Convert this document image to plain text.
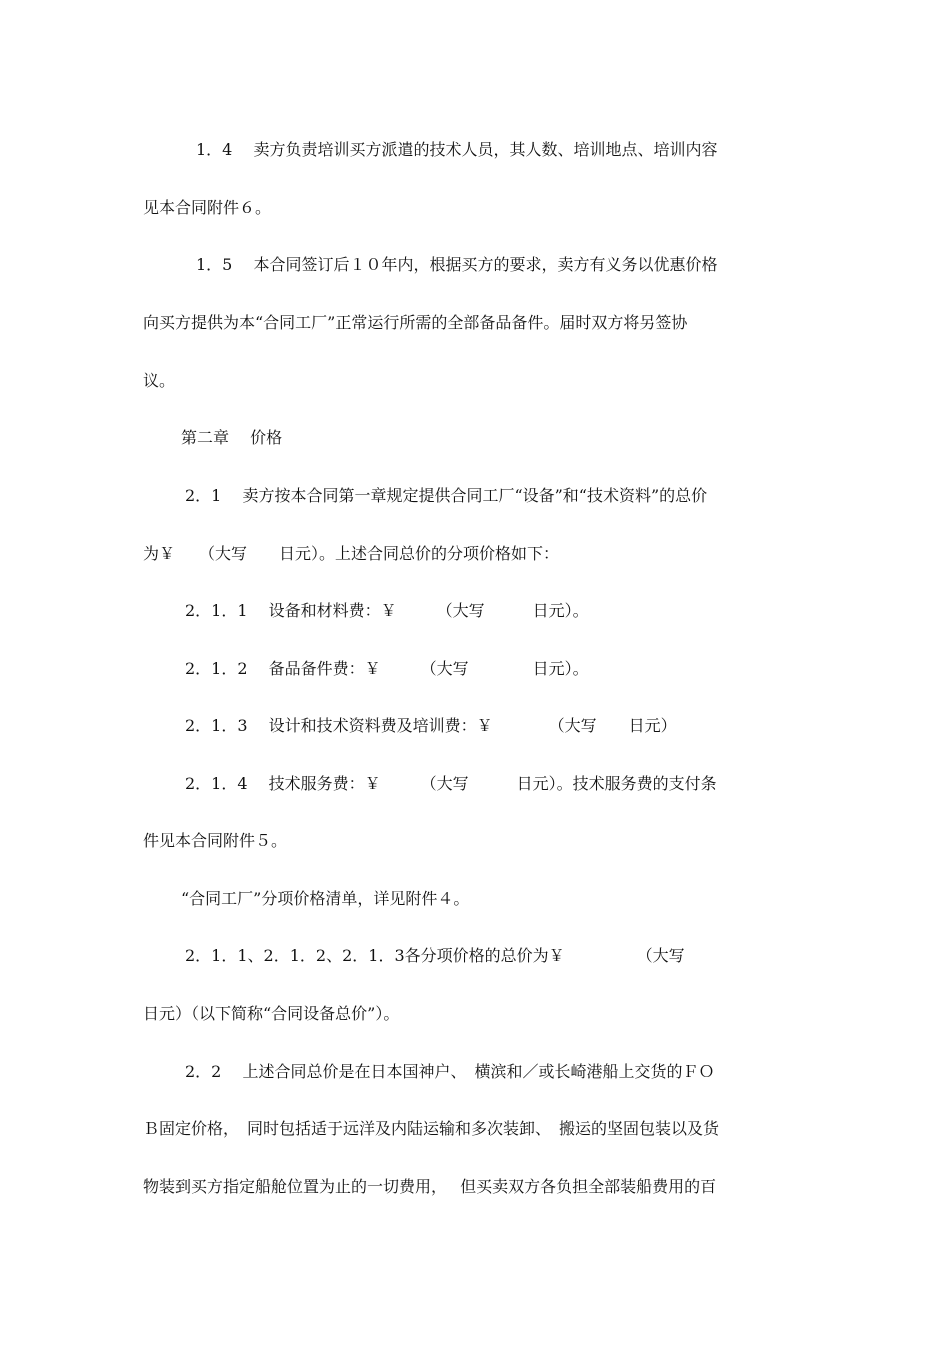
1．4　 卖方负责培训买方派遣的技术人员，其人数、培训地点、培训内容
见本合同附件６。
1．5　 本合同签订后１０年内，根据买方的要求，卖方有义务以优惠价格
向买方提供为本“合同工厂”正常运行所需的全部备品备件。届时双方将另签协
议。
第二章　 价格
2．1　 卖方按本合同第一章规定提供合同工厂“设备”和“技术资料”的总价
为￥　　（大写　　日元）。上述合同总价的分项价格如下：
2．1．1　 设备和材料费：￥　　　（大写　　　日元）。
2．1．2　 备品备件费：￥　　　（大写　　　　日元）。
2．1．3　 设计和技术资料费及培训费：￥　　　　（大写　　日元）
2．1．4　 技术服务费：￥　　　（大写　　　日元）。技术服务费的支付条
件见本合同附件５。
“合同工厂”分项价格清单，详见附件４。
2．1．1、2．1．2、2．1．3各分项价格的总价为￥　　　　　（大写
日元）（以下简称“合同设备总价”）。
2．2　 上述合同总价是在日本国神户、　横滨和／或长崎港船上交货的ＦＯ
Ｂ固定价格，　同时包括适于远洋及内陆运输和多次装卸、　搬运的坚固包装以及货
物装到买方指定船舱位置为止的一切费用，　 但买卖双方各负担全部装船费用的百
